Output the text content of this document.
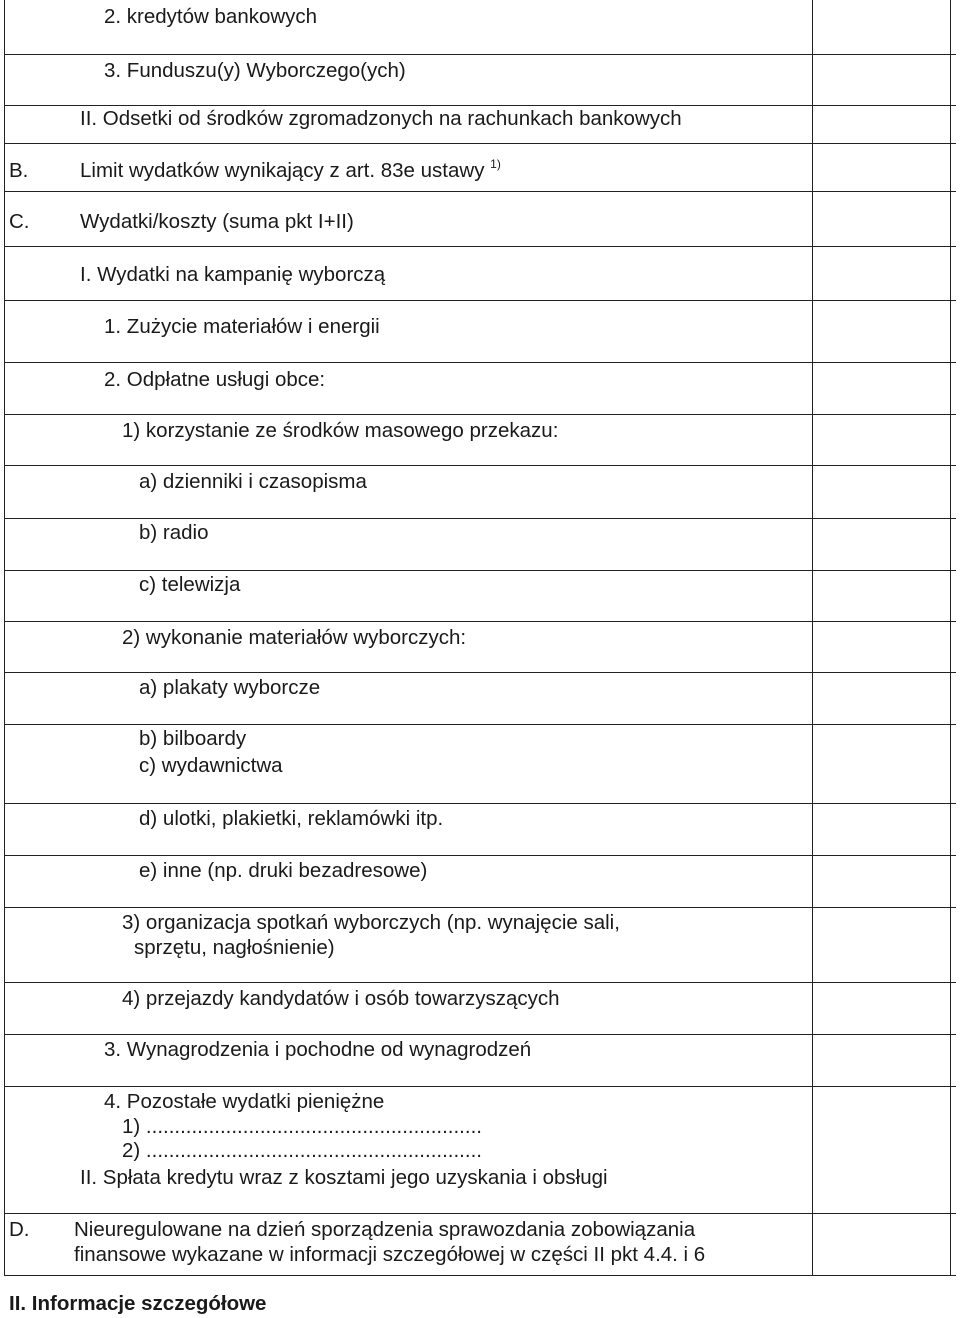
2. kredytów bankowych
3. Funduszu(y) Wyborczego(ych)
II. Odsetki od środków zgromadzonych na rachunkach bankowych
B.	Limit wydatków wynikający z art. 83e ustawy $^{1)}$
C. Wydatki/koszty (suma pkt I+II)
I. Wydatki na kampanię wyborczą
1. Zużycie materiałów i energii
2. Odpłatne usługi obce:
1) korzystanie ze środków masowego przekazu:
a) dzienniki i czasopisma
b) radio
c) telewizja
2) wykonanie materiałów wyborczych:
a) plakaty wyborcze
b) bilboardy
c) wydawnictwa
d) ulotki, plakietki, reklamówki itp.
e) inne (np. druki bezadresowe)
3) organizacja spotkań wyborczych (np. wynajęcie sali,
sprzętu, nagłośnienie)
4) przejazdy kandydatów i osób towarzyszących
3. Wynagrodzenia i pochodne od wynagrodzeń
4. Pozostałe wydatki pieniężne
1) ...........................................................
2) ...........................................................
II. Spłata kredytu wraz z kosztami jego uzyskania i obsługi
D. Nieuregulowane na dzień sporządzenia sprawozdania zobowiązania
finansowe wykazane w informacji szczegółowej w części II pkt 4.4. i 6
II. Informacje szczegółowe
